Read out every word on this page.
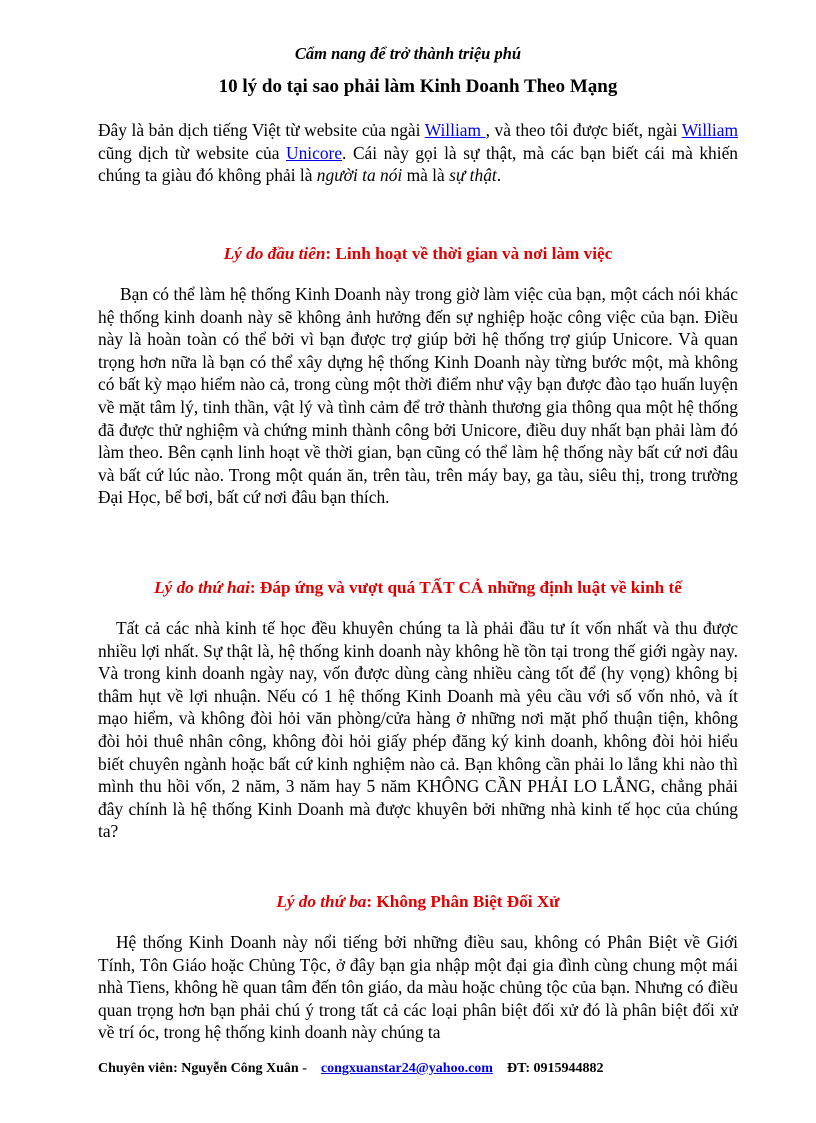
Cẩm nang để trở thành triệu phú
10 lý do tại sao phải làm Kinh Doanh Theo Mạng

Đây là bản dịch tiếng Việt từ website của ngài William , và theo tôi được biết, ngài William cũng dịch từ website của Unicore. Cái này gọi là sự thật, mà các bạn biết cái mà khiến chúng ta giàu đó không phải là người ta nói mà là sự thật.

Lý do đầu tiên: Linh hoạt về thời gian và nơi làm việc

Bạn có thể làm hệ thống Kinh Doanh này trong giờ làm việc của bạn, một cách nói khác hệ thống kinh doanh này sẽ không ảnh hưởng đến sự nghiệp hoặc công việc của bạn. Điều này là hoàn toàn có thể bởi vì bạn được trợ giúp bởi hệ thống trợ giúp Unicore. Và quan trọng hơn nữa là bạn có thể xây dựng hệ thống Kinh Doanh này từng bước một, mà không có bất kỳ mạo hiểm nào cả, trong cùng một thời điểm như vậy bạn được đào tạo huấn luyện về mặt tâm lý, tinh thần, vật lý và tình cảm để trở thành thương gia thông qua một hệ thống đã được thử nghiệm và chứng minh thành công bởi Unicore, điều duy nhất bạn phải làm đó làm theo. Bên cạnh linh hoạt về thời gian, bạn cũng có thể làm hệ thống này bất cứ nơi đâu và bất cứ lúc nào. Trong một quán ăn, trên tàu, trên máy bay, ga tàu, siêu thị, trong trường Đại Học, bể bơi, bất cứ nơi đâu bạn thích.

Lý do thứ hai: Đáp ứng và vượt quá TẤT CẢ những định luật về kinh tế

Tất cả các nhà kinh tế học đều khuyên chúng ta là phải đầu tư ít vốn nhất và thu được nhiều lợi nhất. Sự thật là, hệ thống kinh doanh này không hề tồn tại trong thế giới ngày nay. Và trong kinh doanh ngày nay, vốn được dùng càng nhiều càng tốt để (hy vọng) không bị thâm hụt về lợi nhuận. Nếu có 1 hệ thống Kinh Doanh mà yêu cầu với số vốn nhỏ, và ít mạo hiểm, và không đòi hỏi văn phòng/cửa hàng ở những nơi mặt phố thuận tiện, không đòi hỏi thuê nhân công, không đòi hỏi giấy phép đăng ký kinh doanh, không đòi hỏi hiểu biết chuyên ngành hoặc bất cứ kinh nghiệm nào cả. Bạn không cần phải lo lắng khi nào thì mình thu hồi vốn, 2 năm, 3 năm hay 5 năm KHÔNG CẦN PHẢI LO LẮNG, chẳng phải đây chính là hệ thống Kinh Doanh mà được khuyên bởi những nhà kinh tế học của chúng ta?

Lý do thứ ba: Không Phân Biệt Đối Xử

Hệ thống Kinh Doanh này nổi tiếng bởi những điều sau, không có Phân Biệt về Giới Tính, Tôn Giáo hoặc Chủng Tộc, ở đây bạn gia nhập một đại gia đình cùng chung một mái nhà Tiens, không hề quan tâm đến tôn giáo, da màu hoặc chủng tộc của bạn. Nhưng có điều quan trọng hơn bạn phải chú ý trong tất cả các loại phân biệt đối xử đó là phân biệt đối xử về trí óc, trong hệ thống kinh doanh này chúng ta

Chuyên viên: Nguyễn Công Xuân - congxuanstar24@yahoo.com ĐT: 0915944882
